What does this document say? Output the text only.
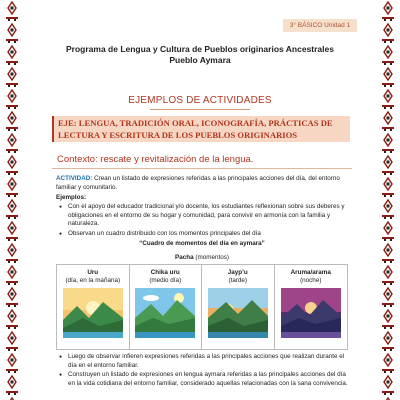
3° BÁSICO Unidad 1
Programa de Lengua y Cultura de Pueblos originarios Ancestrales
Pueblo Aymara
EJEMPLOS DE ACTIVIDADES
EJE: LENGUA, TRADICIÓN ORAL, ICONOGRAFÍA, PRÁCTICAS DE LECTURA Y ESCRITURA DE LOS PUEBLOS ORIGINARIOS
Contexto: rescate y revitalización de la lengua.
ACTIVIDAD: Crean un listado de expresiones referidas a las principales acciones del día, del entorno familiar y comunitario.
Ejemplos:
● Con el apoyo del educador tradicional y/o docente, los estudiantes reflexionan sobre sus deberes y obligaciones en el entorno de su hogar y comunidad, para convivir en armonía con la familia y naturaleza.
● Observan un cuadro distribuido con los momentos principales del día
“Cuadro de momentos del día en aymara”
Pacha (momentos)
Uru
(día, en la mañana)
Chika uru
(medio día)
Jayp’u
(tarde)
Aruma/arama
(noche)
● Luego de observar infieren expresiones referidas a las principales acciones que realizan durante el día en el entorno familiar.
● Construyen un listado de expresiones en lengua aymara referidas a las principales acciones del día en la vida cotidiana del entorno familiar, considerado aquellas relacionadas con la sana convivencia.
